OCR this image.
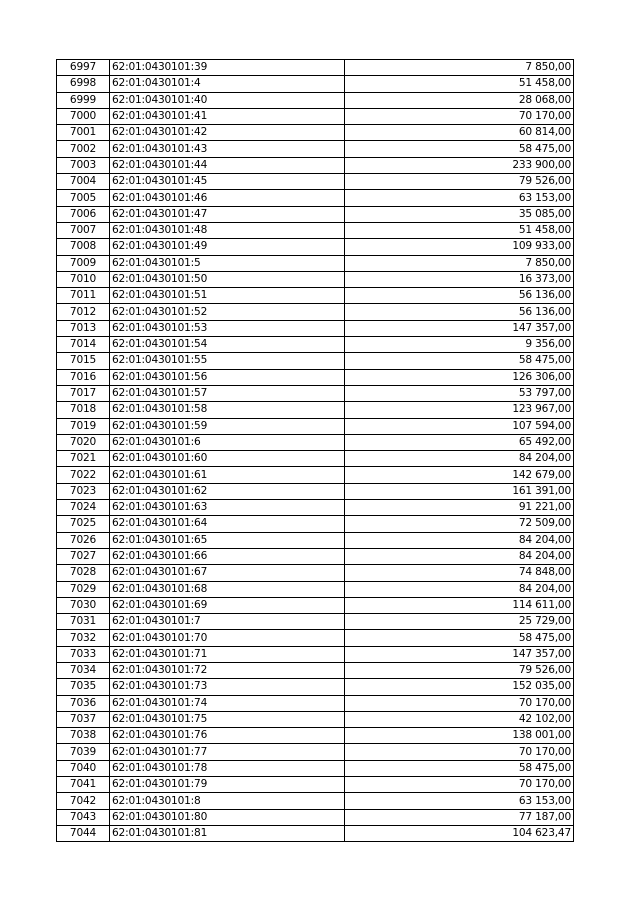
6997	62:01:0430101:39	7 850,00
6998	62:01:0430101:4	51 458,00
6999	62:01:0430101:40	28 068,00
7000	62:01:0430101:41	70 170,00
7001	62:01:0430101:42	60 814,00
7002	62:01:0430101:43	58 475,00
7003	62:01:0430101:44	233 900,00
7004	62:01:0430101:45	79 526,00
7005	62:01:0430101:46	63 153,00
7006	62:01:0430101:47	35 085,00
7007	62:01:0430101:48	51 458,00
7008	62:01:0430101:49	109 933,00
7009	62:01:0430101:5	7 850,00
7010	62:01:0430101:50	16 373,00
7011	62:01:0430101:51	56 136,00
7012	62:01:0430101:52	56 136,00
7013	62:01:0430101:53	147 357,00
7014	62:01:0430101:54	9 356,00
7015	62:01:0430101:55	58 475,00
7016	62:01:0430101:56	126 306,00
7017	62:01:0430101:57	53 797,00
7018	62:01:0430101:58	123 967,00
7019	62:01:0430101:59	107 594,00
7020	62:01:0430101:6	65 492,00
7021	62:01:0430101:60	84 204,00
7022	62:01:0430101:61	142 679,00
7023	62:01:0430101:62	161 391,00
7024	62:01:0430101:63	91 221,00
7025	62:01:0430101:64	72 509,00
7026	62:01:0430101:65	84 204,00
7027	62:01:0430101:66	84 204,00
7028	62:01:0430101:67	74 848,00
7029	62:01:0430101:68	84 204,00
7030	62:01:0430101:69	114 611,00
7031	62:01:0430101:7	25 729,00
7032	62:01:0430101:70	58 475,00
7033	62:01:0430101:71	147 357,00
7034	62:01:0430101:72	79 526,00
7035	62:01:0430101:73	152 035,00
7036	62:01:0430101:74	70 170,00
7037	62:01:0430101:75	42 102,00
7038	62:01:0430101:76	138 001,00
7039	62:01:0430101:77	70 170,00
7040	62:01:0430101:78	58 475,00
7041	62:01:0430101:79	70 170,00
7042	62:01:0430101:8	63 153,00
7043	62:01:0430101:80	77 187,00
7044	62:01:0430101:81	104 623,47
